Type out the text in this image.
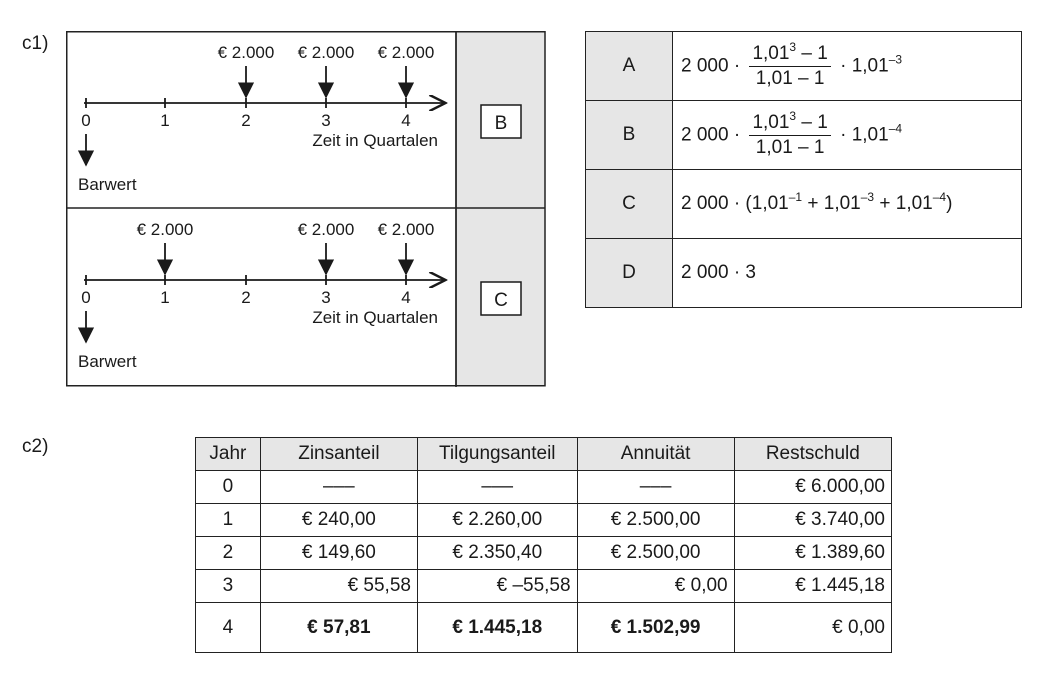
c1)
c2)
0	1	2	3	4
€ 2.000 € 2.000 € 2.000
Zeit in Quartalen
Barwert
B
0	1	2	3	4
€ 2.000	€ 2.000 € 2.000
Zeit in Quartalen
Barwert
C
A	2 $000 \cdot \frac{1,01^3 - 1}{1,01 - 1} \cdot 1,01^{-3}$
B	2 $000 \cdot \frac{1,01^3 - 1}{1,01 - 1} \cdot 1,01^{-4}$
C	2 $000 \cdot (1,01^{-1} + 1,01^{-3} + 1,01^{-4})$
D	2 000 · 3
Jahr	Zinsanteil	Tilgungsanteil	Annuität	Restschuld
0	–––	–––	–––	€ 6.000,00
1	€ 240,00	€ 2.260,00	€ 2.500,00	€ 3.740,00
2	€ 149,60	€ 2.350,40	€ 2.500,00	€ 1.389,60
3	€ 55,58	€ –55,58	€ 0,00	€ 1.445,18
4	€ 57,81	€ 1.445,18	€ 1.502,99	€ 0,00
